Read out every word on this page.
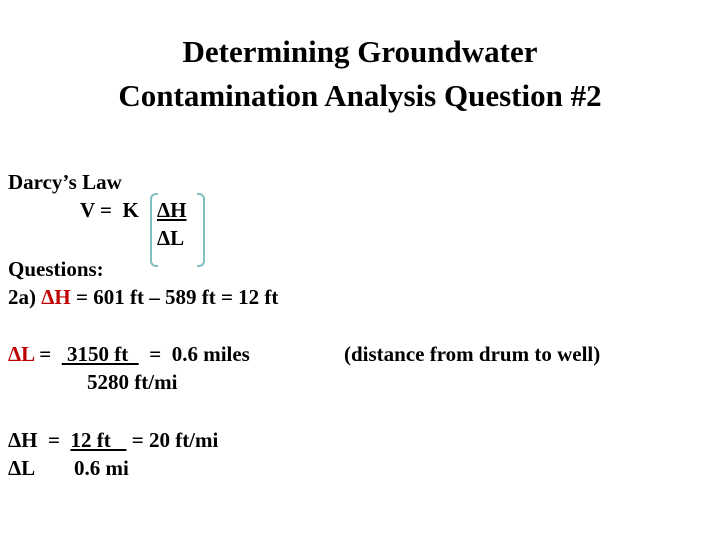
Determining Groundwater
Contamination Analysis Question #2
Darcy’s Law
V =  K ΔH
ΔL
Questions:
2a) ΔH = 601 ft – 589 ft = 12 ft
ΔL =   3150 ft    =  0.6 miles	(distance from drum to well)
5280 ft/mi
ΔH  =  12 ft    = 20 ft/mi
ΔL 0.6 mi
